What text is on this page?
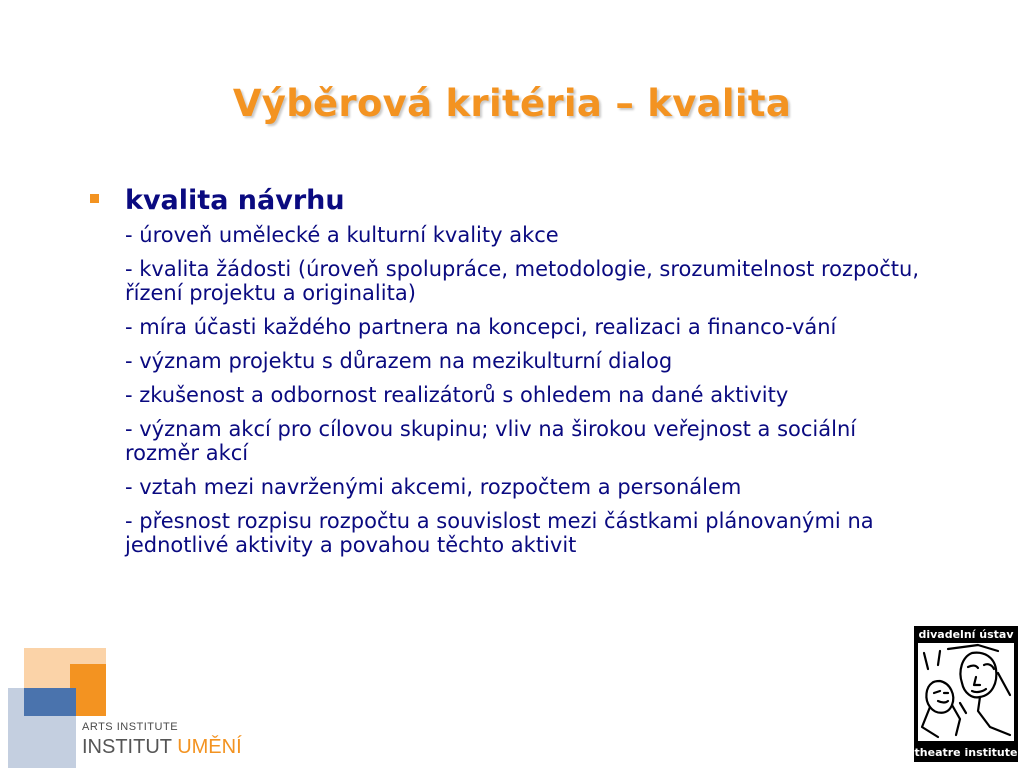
Výběrová kritéria – kvalita
kvalita návrhu
- úroveň umělecké a kulturní kvality akce
- kvalita žádosti (úroveň spolupráce, metodologie, srozumitelnost rozpočtu, řízení projektu a originalita)
- míra účasti každého partnera na koncepci, realizaci a financo-vání
- význam projektu s důrazem na mezikulturní dialog
- zkušenost a odbornost realizátorů s ohledem na dané aktivity
- význam akcí pro cílovou skupinu; vliv na širokou veřejnost a sociální rozměr akcí
- vztah mezi navrženými akcemi, rozpočtem a personálem
- přesnost rozpisu rozpočtu a souvislost mezi částkami plánovanými na jednotlivé aktivity a povahou těchto aktivit
ARTS INSTITUTE
INSTITUT UMĚNÍ
divadelní ústav
theatre institute
